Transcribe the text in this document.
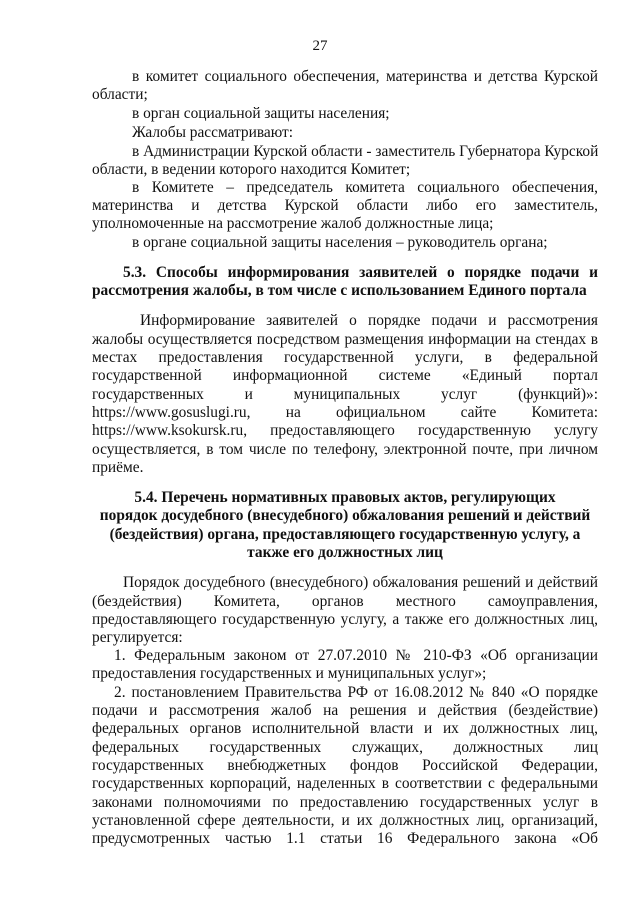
27
в комитет социального обеспечения, материнства и детства Курской
области;
в орган социальной защиты населения;
Жалобы рассматривают:
в Администрации Курской области - заместитель Губернатора Курской
области, в ведении которого находится Комитет;
в Комитете – председатель комитета социального обеспечения,
материнства и детства Курской области либо его заместитель,
уполномоченные на рассмотрение жалоб должностные лица;
в органе социальной защиты населения – руководитель органа;
5.3. Способы информирования заявителей о порядке подачи и
рассмотрения жалобы, в том числе с использованием Единого портала
Информирование заявителей о порядке подачи и рассмотрения
жалобы осуществляется посредством размещения информации на стендах в
местах предоставления государственной услуги, в федеральной
государственной информационной системе «Единый портал
государственных и муниципальных услуг (функций)»:
https://www.gosuslugi.ru, на официальном сайте Комитета:
https://www.ksokursk.ru, предоставляющего государственную услугу
осуществляется, в том числе по телефону, электронной почте, при личном
приёме.
5.4. Перечень нормативных правовых актов, регулирующих
порядок досудебного (внесудебного) обжалования решений и действий
(бездействия) органа, предоставляющего государственную услугу, а
также его должностных лиц
Порядок досудебного (внесудебного) обжалования решений и действий
(бездействия) Комитета, органов местного самоуправления,
предоставляющего государственную услугу, а также его должностных лиц,
регулируется:
1. Федеральным законом от 27.07.2010 № 210-ФЗ «Об организации
предоставления государственных и муниципальных услуг»;
2. постановлением Правительства РФ от 16.08.2012 № 840 «О порядке
подачи и рассмотрения жалоб на решения и действия (бездействие)
федеральных органов исполнительной власти и их должностных лиц,
федеральных государственных служащих, должностных лиц
государственных внебюджетных фондов Российской Федерации,
государственных корпораций, наделенных в соответствии с федеральными
законами полномочиями по предоставлению государственных услуг в
установленной сфере деятельности, и их должностных лиц, организаций,
предусмотренных частью 1.1 статьи 16 Федерального закона «Об
